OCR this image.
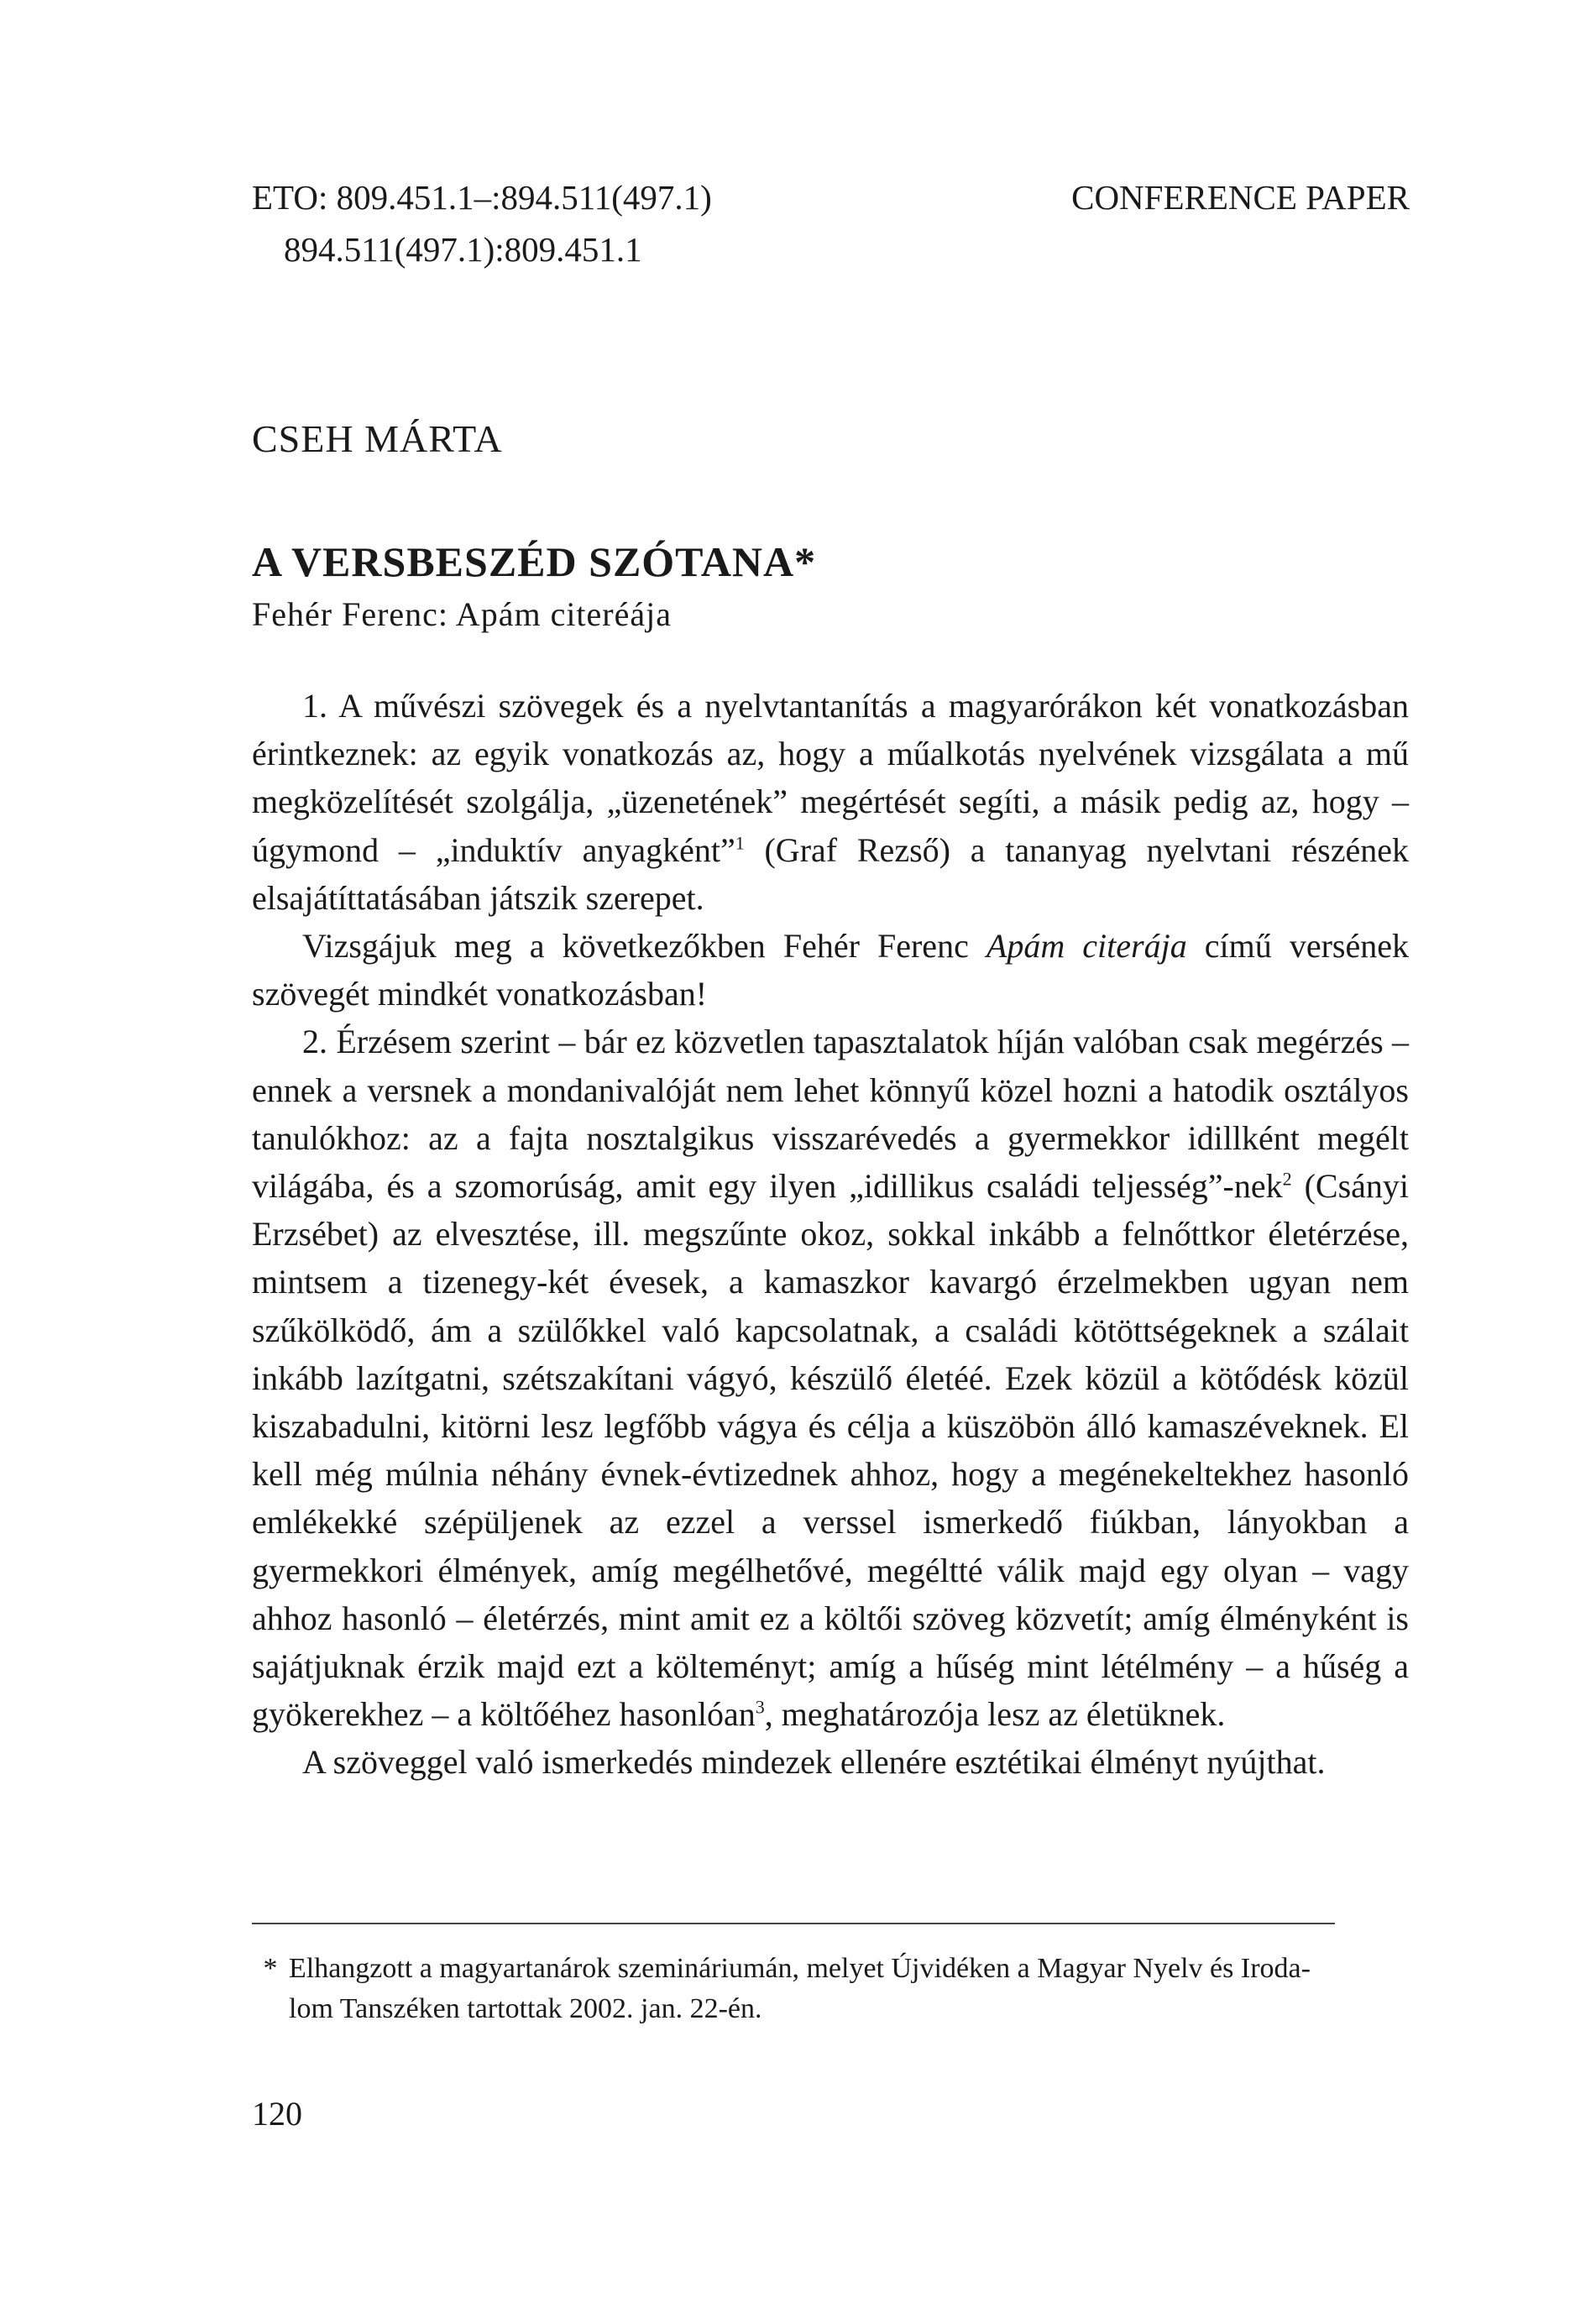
ETO: 809.451.1–:894.511(497.1)
894.511(497.1):809.451.1
CONFERENCE PAPER
CSEH MÁRTA
A VERSBESZÉD SZÓTANA*
Fehér Ferenc: Apám citeréája

1. A művészi szövegek és a nyelvtantanítás a magyarórákon két vonatkozásban érintkeznek: az egyik vonatkozás az, hogy a műalkotás nyelvének vizsgálata a mű megközelítését szolgálja, „üzenetének” megértését segíti, a másik pedig az, hogy – úgymond – „induktív anyagként”$^1$ (Graf Rezső) a tananyag nyelvtani részének elsajátíttatásában játszik szerepet.

Vizsgájuk meg a következőkben Fehér Ferenc Apám citerája című versének szövegét mindkét vonatkozásban!

2. Érzésem szerint – bár ez közvetlen tapasztalatok híján valóban csak megérzés – ennek a versnek a mondanivalóját nem lehet könnyű közel hozni a hatodik osztályos tanulókhoz: az a fajta nosztalgikus visszarévedés a gyermekkor idillként megélt világába, és a szomorúság, amit egy ilyen „idillikus családi teljesség”-nek$^2$ (Csányi Erzsébet) az elvesztése, ill. megszűnte okoz, sokkal inkább a felnőttkor életérzése, mintsem a tizenegy-két évesek, a kamaszkor kavargó érzelmekben ugyan nem szűkölködő, ám a szülőkkel való kapcsolatnak, a családi kötöttségeknek a szálait inkább lazítgatni, szétszakítani vágyó, készülő életéé. Ezek közül a kötődésk közül kiszabadulni, kitörni lesz legfőbb vágya és célja a küszöbön álló kamaszéveknek. El kell még múlnia néhány évnek-évtizednek ahhoz, hogy a megénekeltekhez hasonló emlékekké szépüljenek az ezzel a verssel ismerkedő fiúkban, lányokban a gyermekkori élmények, amíg megélhetővé, megéltté válik majd egy olyan – vagy ahhoz hasonló – életérzés, mint amit ez a költői szöveg közvetít; amíg élményként is sajátjuknak érzik majd ezt a költeményt; amíg a hűség mint létélmény – a hűség a gyökerekhez – a költőéhez hasonlóan$^3$, meghatározója lesz az életüknek.

A szöveggel való ismerkedés mindezek ellenére esztétikai élményt nyújthat.

* Elhangzott a magyartanárok szemináriumán, melyet Újvidéken a Magyar Nyelv és Iroda-
lom Tanszéken tartottak 2002. jan. 22-én.
120
